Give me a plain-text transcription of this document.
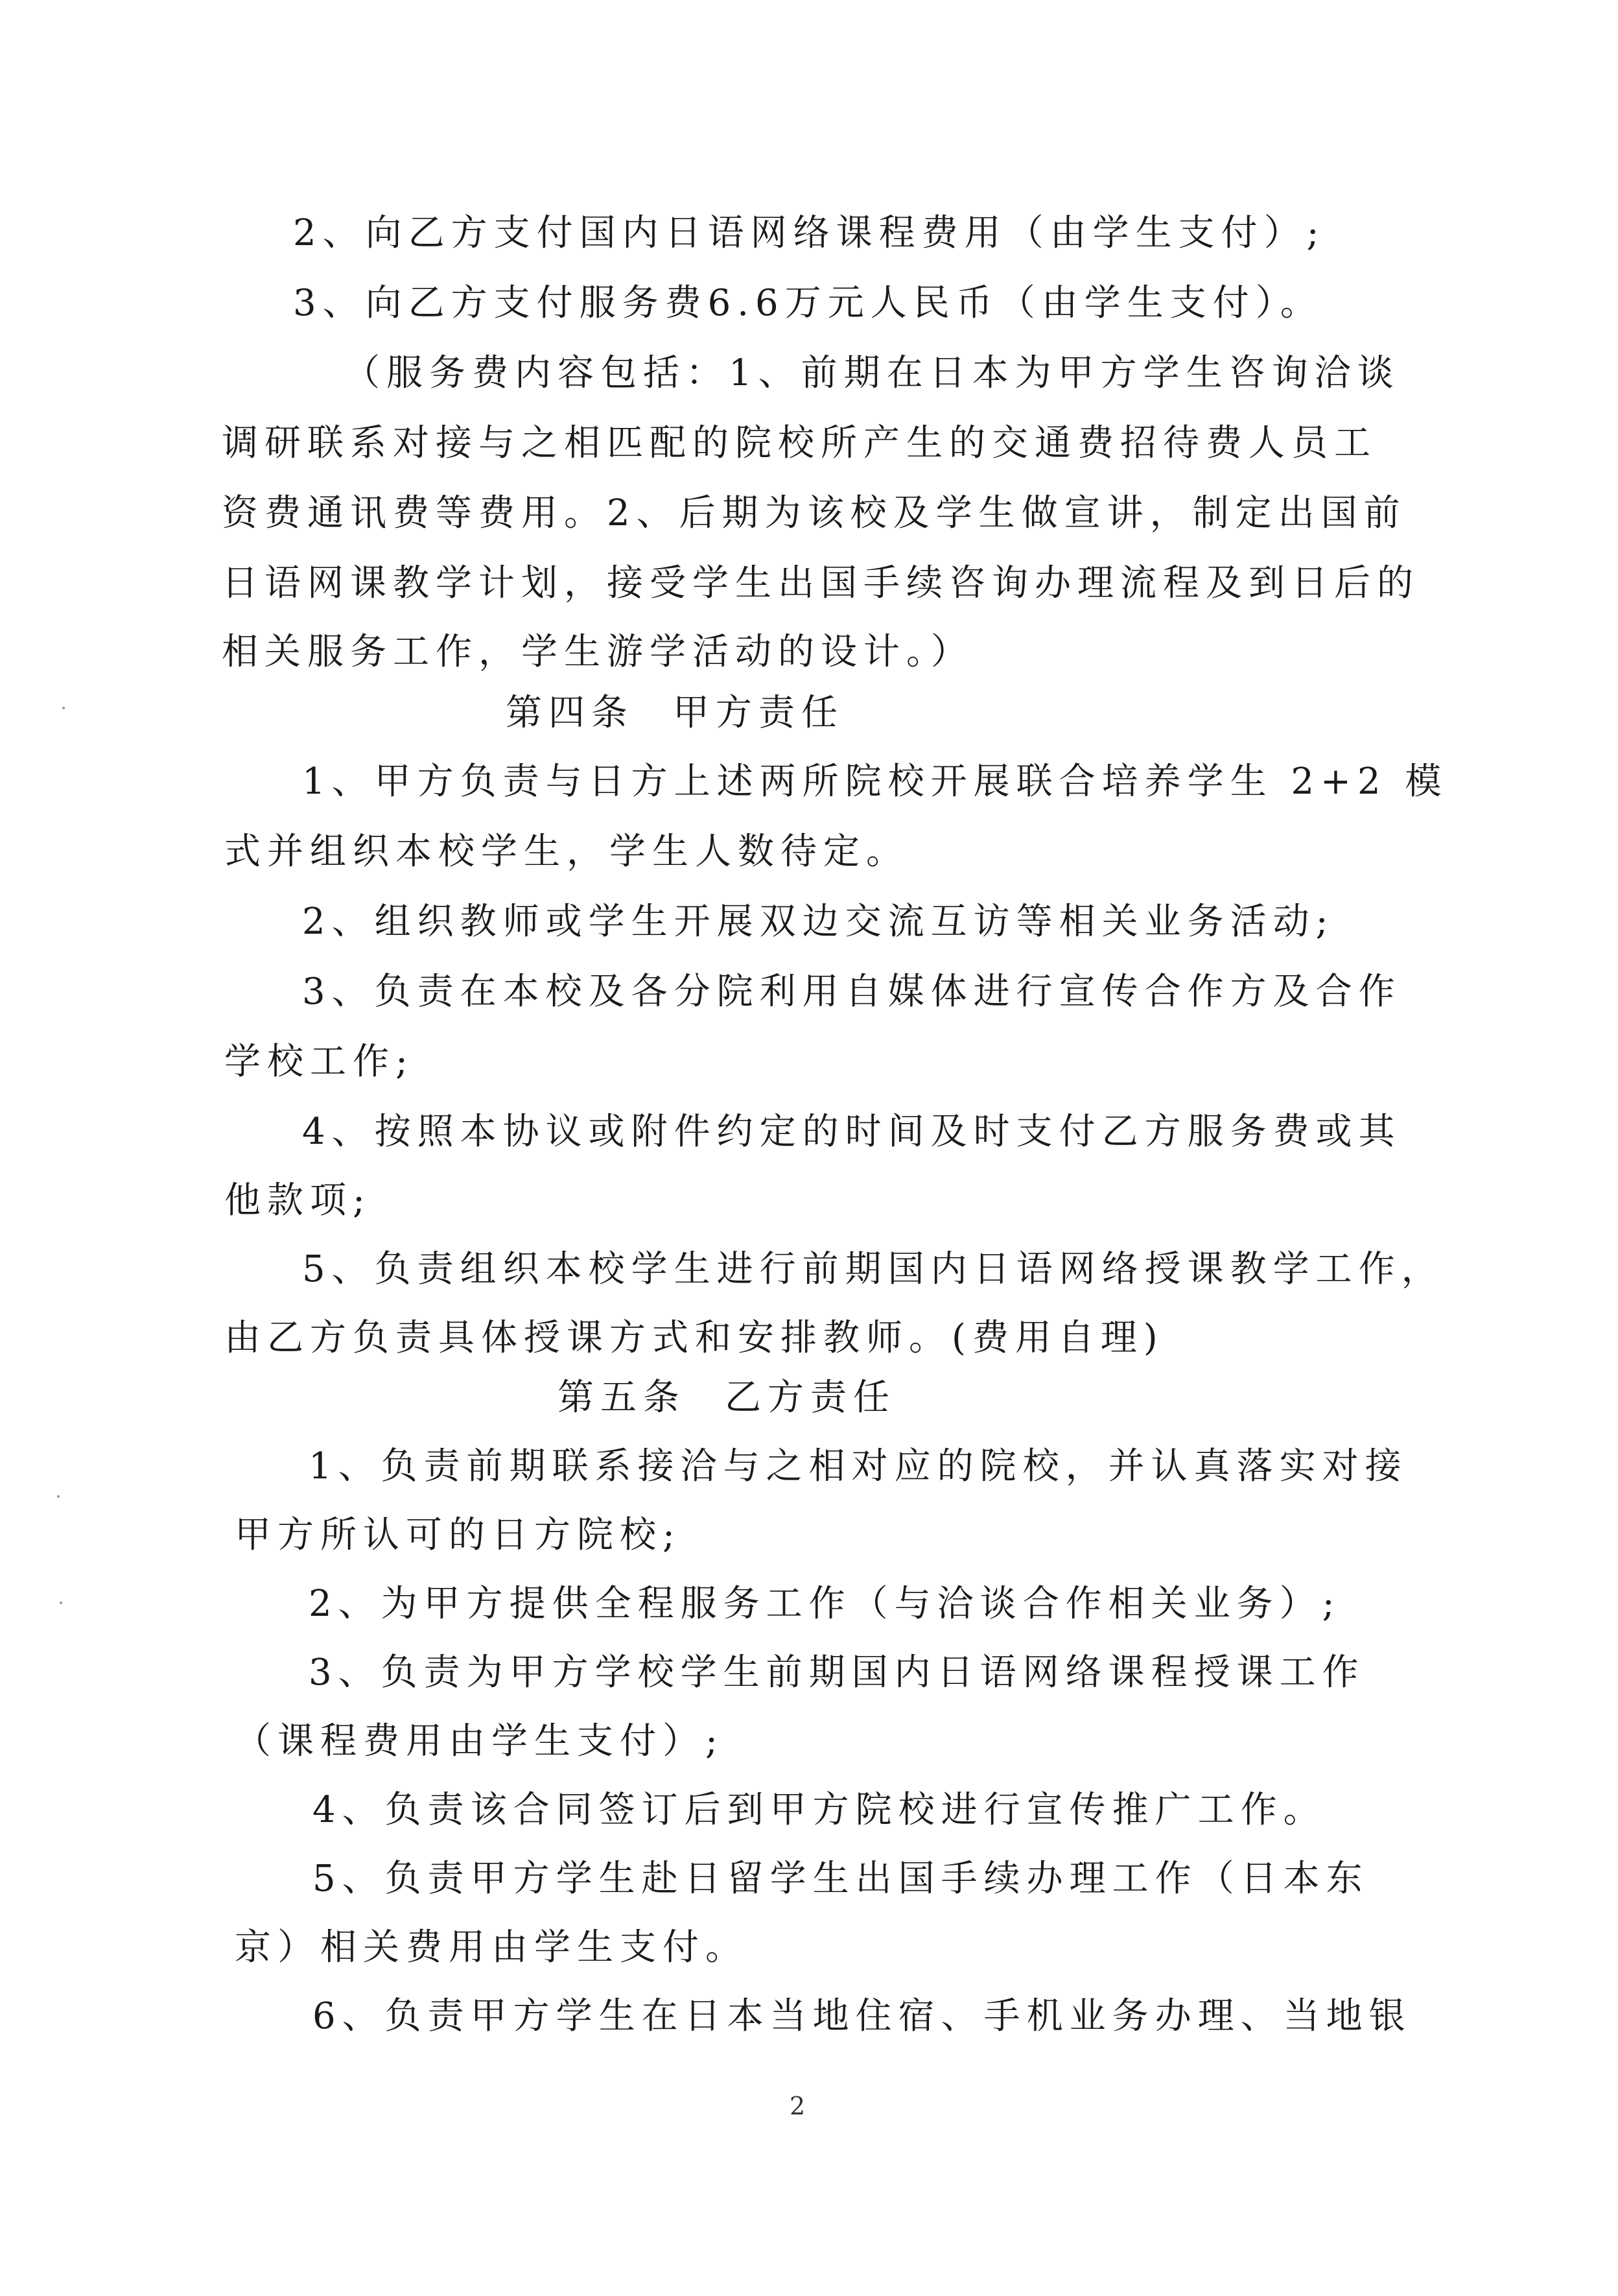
2、向乙方支付国内日语网络课程费用（由学生支付）;
3、向乙方支付服务费6.6万元人民币（由学生支付）。
（服务费内容包括：1、前期在日本为甲方学生咨询洽谈
调研联系对接与之相匹配的院校所产生的交通费招待费人员工
资费通讯费等费用。2、后期为该校及学生做宣讲，制定出国前
日语网课教学计划，接受学生出国手续咨询办理流程及到日后的
相关服务工作，学生游学活动的设计。）
第四条 甲方责任
1、甲方负责与日方上述两所院校开展联合培养学生 2+2 模
式并组织本校学生，学生人数待定。
2、组织教师或学生开展双边交流互访等相关业务活动;
3、负责在本校及各分院利用自媒体进行宣传合作方及合作
学校工作;
4、按照本协议或附件约定的时间及时支付乙方服务费或其
他款项;
5、负责组织本校学生进行前期国内日语网络授课教学工作，
由乙方负责具体授课方式和安排教师。(费用自理)
第五条 乙方责任
1、负责前期联系接洽与之相对应的院校，并认真落实对接
甲方所认可的日方院校;
2、为甲方提供全程服务工作（与洽谈合作相关业务）;
3、负责为甲方学校学生前期国内日语网络课程授课工作
（课程费用由学生支付）;
4、负责该合同签订后到甲方院校进行宣传推广工作。
5、负责甲方学生赴日留学生出国手续办理工作（日本东
京）相关费用由学生支付。
6、负责甲方学生在日本当地住宿、手机业务办理、当地银
2
